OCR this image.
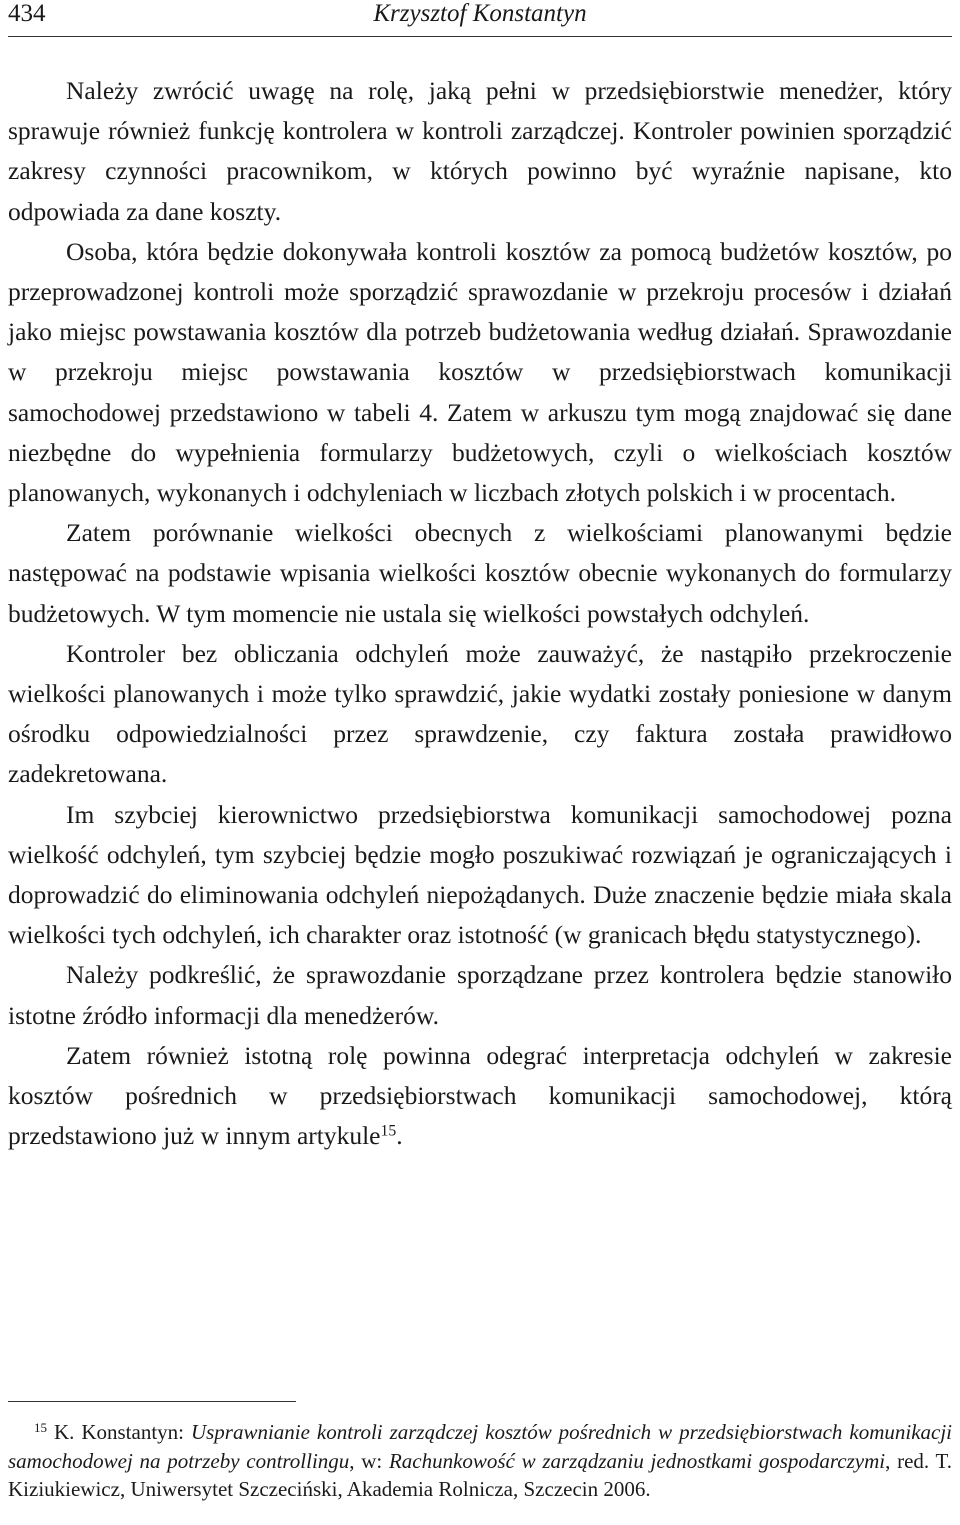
434	Krzysztof Konstantyn

Należy zwrócić uwagę na rolę, jaką pełni w przedsiębiorstwie menedżer, który sprawuje również funkcję kontrolera w kontroli zarządczej. Kontroler powinien sporządzić zakresy czynności pracownikom, w których powinno być wyraźnie napisane, kto odpowiada za dane koszty.

Osoba, która będzie dokonywała kontroli kosztów za pomocą budżetów kosztów, po przeprowadzonej kontroli może sporządzić sprawozdanie w przekroju procesów i działań jako miejsc powstawania kosztów dla potrzeb budżetowania według działań. Sprawozdanie w przekroju miejsc powstawania kosztów w przedsiębiorstwach komunikacji samochodowej przedstawiono w tabeli 4. Zatem w arkuszu tym mogą znajdować się dane niezbędne do wypełnienia formularzy budżetowych, czyli o wielkościach kosztów planowanych, wykonanych i odchyleniach w liczbach złotych polskich i w procentach.

Zatem porównanie wielkości obecnych z wielkościami planowanymi będzie następować na podstawie wpisania wielkości kosztów obecnie wykonanych do formularzy budżetowych. W tym momencie nie ustala się wielkości powstałych odchyleń.

Kontroler bez obliczania odchyleń może zauważyć, że nastąpiło przekroczenie wielkości planowanych i może tylko sprawdzić, jakie wydatki zostały poniesione w danym ośrodku odpowiedzialności przez sprawdzenie, czy faktura została prawidłowo zadekretowana.

Im szybciej kierownictwo przedsiębiorstwa komunikacji samochodowej pozna wielkość odchyleń, tym szybciej będzie mogło poszukiwać rozwiązań je ograniczających i doprowadzić do eliminowania odchyleń niepożądanych. Duże znaczenie będzie miała skala wielkości tych odchyleń, ich charakter oraz istotność (w granicach błędu statystycznego).

Należy podkreślić, że sprawozdanie sporządzane przez kontrolera będzie stanowiło istotne źródło informacji dla menedżerów.

Zatem również istotną rolę powinna odegrać interpretacja odchyleń w zakresie kosztów pośrednich w przedsiębiorstwach komunikacji samochodowej, którą przedstawiono już w innym artykule$^{15}$.

$^{15}$ K. Konstantyn: Usprawnianie kontroli zarządczej kosztów pośrednich w przedsiębiorstwach komunikacji samochodowej na potrzeby controllingu, w: Rachunkowość w zarządzaniu jednostkami gospodarczymi, red. T. Kiziukiewicz, Uniwersytet Szczeciński, Akademia Rolnicza, Szczecin 2006.
